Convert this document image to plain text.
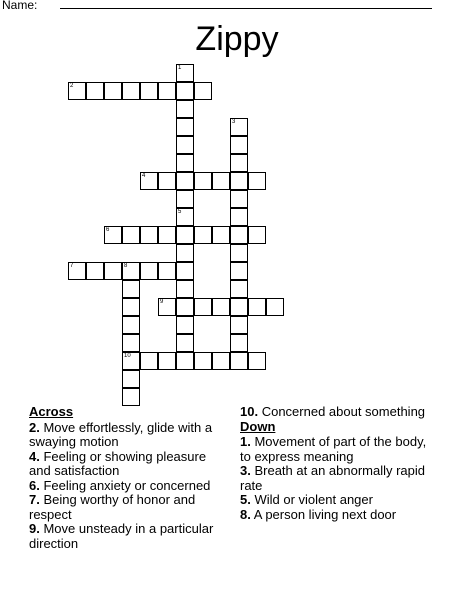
Name:
Zippy
2
1
5
3
4
6
7	8
10
9
Across
2. Move effortlessly, glide with a swaying motion
4. Feeling or showing pleasure and satisfaction
6. Feeling anxiety or concerned
7. Being worthy of honor and respect
9. Move unsteady in a particular direction
10. Concerned about something
Down
1. Movement of part of the body, to express meaning
3. Breath at an abnormally rapid rate
5. Wild or violent anger
8. A person living next door
